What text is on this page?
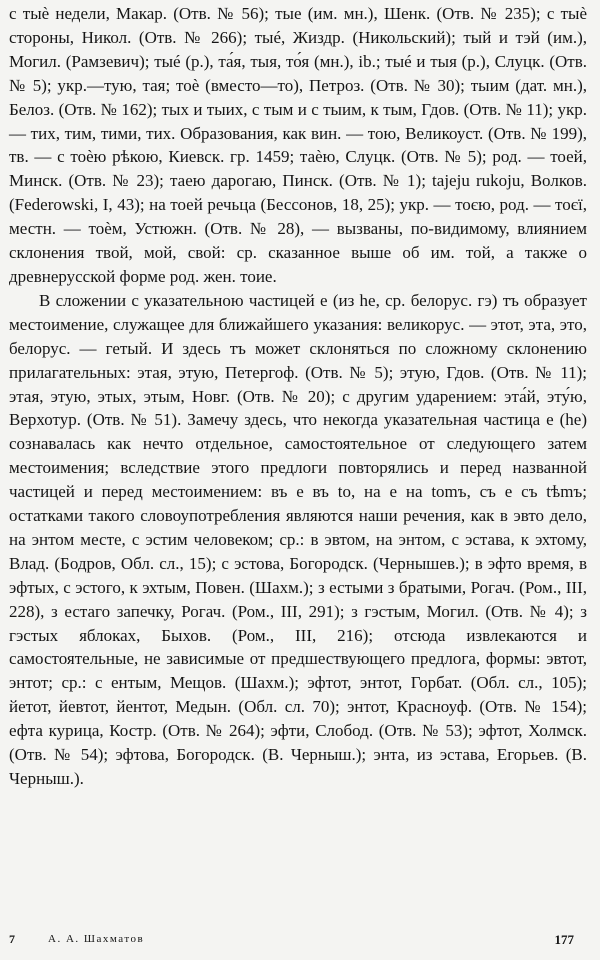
с тыѐ недели, Макар. (Отв. № 56); тые (им. мн.), Шенк. (Отв. № 235); с тыѐ стороны, Никол. (Отв. № 266); тыé, Жиздр. (Никольский); тый и тэй (им.), Могил. (Рамзевич); тыé (р.), та́я, тыя, то́я (мн.), ib.; тыé и тыя (р.), Слуцк. (Отв. № 5); укр.—тую, тая; тоѐ (вместо—то), Петроз. (Отв. № 30); тыим (дат. мн.), Белоз. (Отв. № 162); тых и тыих, с тым и с тыим, к тым, Гдов. (Отв. № 11); укр. — тих, тим, тими, тих. Образования, как вин. — тою, Великоуст. (Отв. № 199), тв. — с тоѐю рѣкою, Киевск. гр. 1459; таѐю, Слуцк. (Отв. № 5); род. — тоей, Минск. (Отв. № 23); таею дарогаю, Пинск. (Отв. № 1); tajeju rukoju, Волков. (Federowski, I, 43); на тоей речьца (Бессонов, 18, 25); укр. — тоєю, род. — тоєї, местн. — тоѐм, Устюжн. (Отв. № 28), — вызваны, по-видимому, влиянием склонения твой, мой, свой: ср. сказанное выше об им. той, а также о древнерусской форме род. жен. тоие.

В сложении с указательною частицей е (из he, ср. белорус. гэ) тъ образует местоимение, служащее для ближайшего указания: великорус. — этот, эта, это, белорус. — гетый. И здесь тъ может склоняться по сложному склонению прилагательных: этая, этую, Петергоф. (Отв. № 5); этую, Гдов. (Отв. № 11); этая, этую, этых, этым, Новг. (Отв. № 20); с другим ударением: эта́й, эту́ю, Верхотур. (Отв. № 51). Замечу здесь, что некогда указательная частица е (he) сознавалась как нечто отдельное, самостоятельное от следующего затем местоимения; вследствие этого предлоги повторялись и перед названной частицей и перед местоимением: въ е въ to, на е на tomъ, съ е съ tѣmъ; остатками такого словоупотребления являются наши речения, как в эвто дело, на энтом месте, с эстим человеком; ср.: в эвтом, на энтом, с эстава, к эхтому, Влад. (Бодров, Обл. сл., 15); с эстова, Богородск. (Чернышев.); в эфто время, в эфтых, с эстого, к эхтым, Повен. (Шахм.); з естыми з братыми, Рогач. (Ром., III, 228), з естаго запечку, Рогач. (Ром., III, 291); з гэстым, Могил. (Отв. № 4); з гэстых яблоках, Быхов. (Ром., III, 216); отсюда извлекаются и самостоятельные, не зависимые от предшествующего предлога, формы: эвтот, энтот; ср.: с ентым, Мещов. (Шахм.); эфтот, энтот, Горбат. (Обл. сл., 105); йетот, йевтот, йентот, Медын. (Обл. сл. 70); энтот, Красноуф. (Отв. № 154); ефта курица, Костр. (Отв. № 264); эфти, Слобод. (Отв. № 53); эфтот, Холмск. (Отв. № 54); эфтова, Богородск. (В. Черныш.); энта, из эстава, Егорьев. (В. Черныш.).

7	А. А. Шахматов	177
